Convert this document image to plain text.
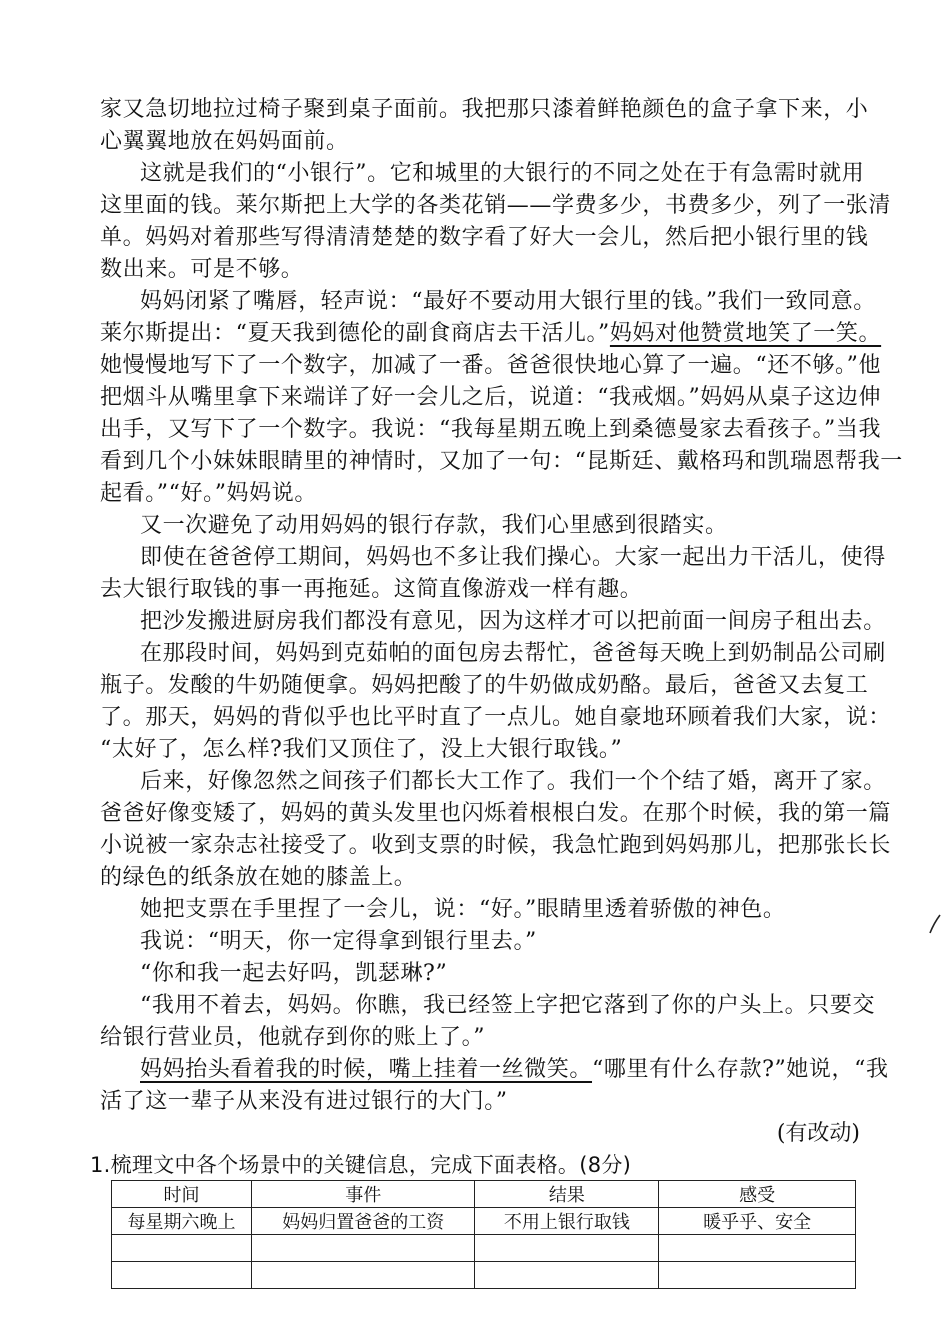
家又急切地拉过椅子聚到桌子面前。我把那只漆着鲜艳颜色的盒子拿下来，小
心翼翼地放在妈妈面前。
这就是我们的“小银行”。它和城里的大银行的不同之处在于有急需时就用
这里面的钱。莱尔斯把上大学的各类花销——学费多少，书费多少，列了一张清
单。妈妈对着那些写得清清楚楚的数字看了好大一会儿，然后把小银行里的钱
数出来。可是不够。
妈妈闭紧了嘴唇，轻声说：“最好不要动用大银行里的钱。”我们一致同意。
莱尔斯提出：“夏天我到德伦的副食商店去干活儿。”妈妈对他赞赏地笑了一笑。
她慢慢地写下了一个数字，加减了一番。爸爸很快地心算了一遍。“还不够。”他
把烟斗从嘴里拿下来端详了好一会儿之后，说道：“我戒烟。”妈妈从桌子这边伸
出手，又写下了一个数字。我说：“我每星期五晚上到桑德曼家去看孩子。”当我
看到几个小妹妹眼睛里的神情时，又加了一句：“昆斯廷、戴格玛和凯瑞恩帮我一
起看。”“好。”妈妈说。
又一次避免了动用妈妈的银行存款，我们心里感到很踏实。
即使在爸爸停工期间，妈妈也不多让我们操心。大家一起出力干活儿，使得
去大银行取钱的事一再拖延。这简直像游戏一样有趣。
把沙发搬进厨房我们都没有意见，因为这样才可以把前面一间房子租出去。
在那段时间，妈妈到克茹帕的面包房去帮忙，爸爸每天晚上到奶制品公司刷
瓶子。发酸的牛奶随便拿。妈妈把酸了的牛奶做成奶酪。最后，爸爸又去复工
了。那天，妈妈的背似乎也比平时直了一点儿。她自豪地环顾着我们大家，说：
“太好了，怎么样?我们又顶住了，没上大银行取钱。”
后来，好像忽然之间孩子们都长大工作了。我们一个个结了婚，离开了家。
爸爸好像变矮了，妈妈的黄头发里也闪烁着根根白发。在那个时候，我的第一篇
小说被一家杂志社接受了。收到支票的时候，我急忙跑到妈妈那儿，把那张长长
的绿色的纸条放在她的膝盖上。
她把支票在手里捏了一会儿，说：“好。”眼睛里透着骄傲的神色。
我说：“明天，你一定得拿到银行里去。”
“你和我一起去好吗，凯瑟琳?”
“我用不着去，妈妈。你瞧，我已经签上字把它落到了你的户头上。只要交
给银行营业员，他就存到你的账上了。”
妈妈抬头看着我的时候，嘴上挂着一丝微笑。“哪里有什么存款?”她说，“我
活了这一辈子从来没有进过银行的大门。”
(有改动)
1.梳理文中各个场景中的关键信息，完成下面表格。(8分)
时间	事件	结果	感受
每星期六晚上	妈妈归置爸爸的工资	不用上银行取钱	暖乎乎、安全
